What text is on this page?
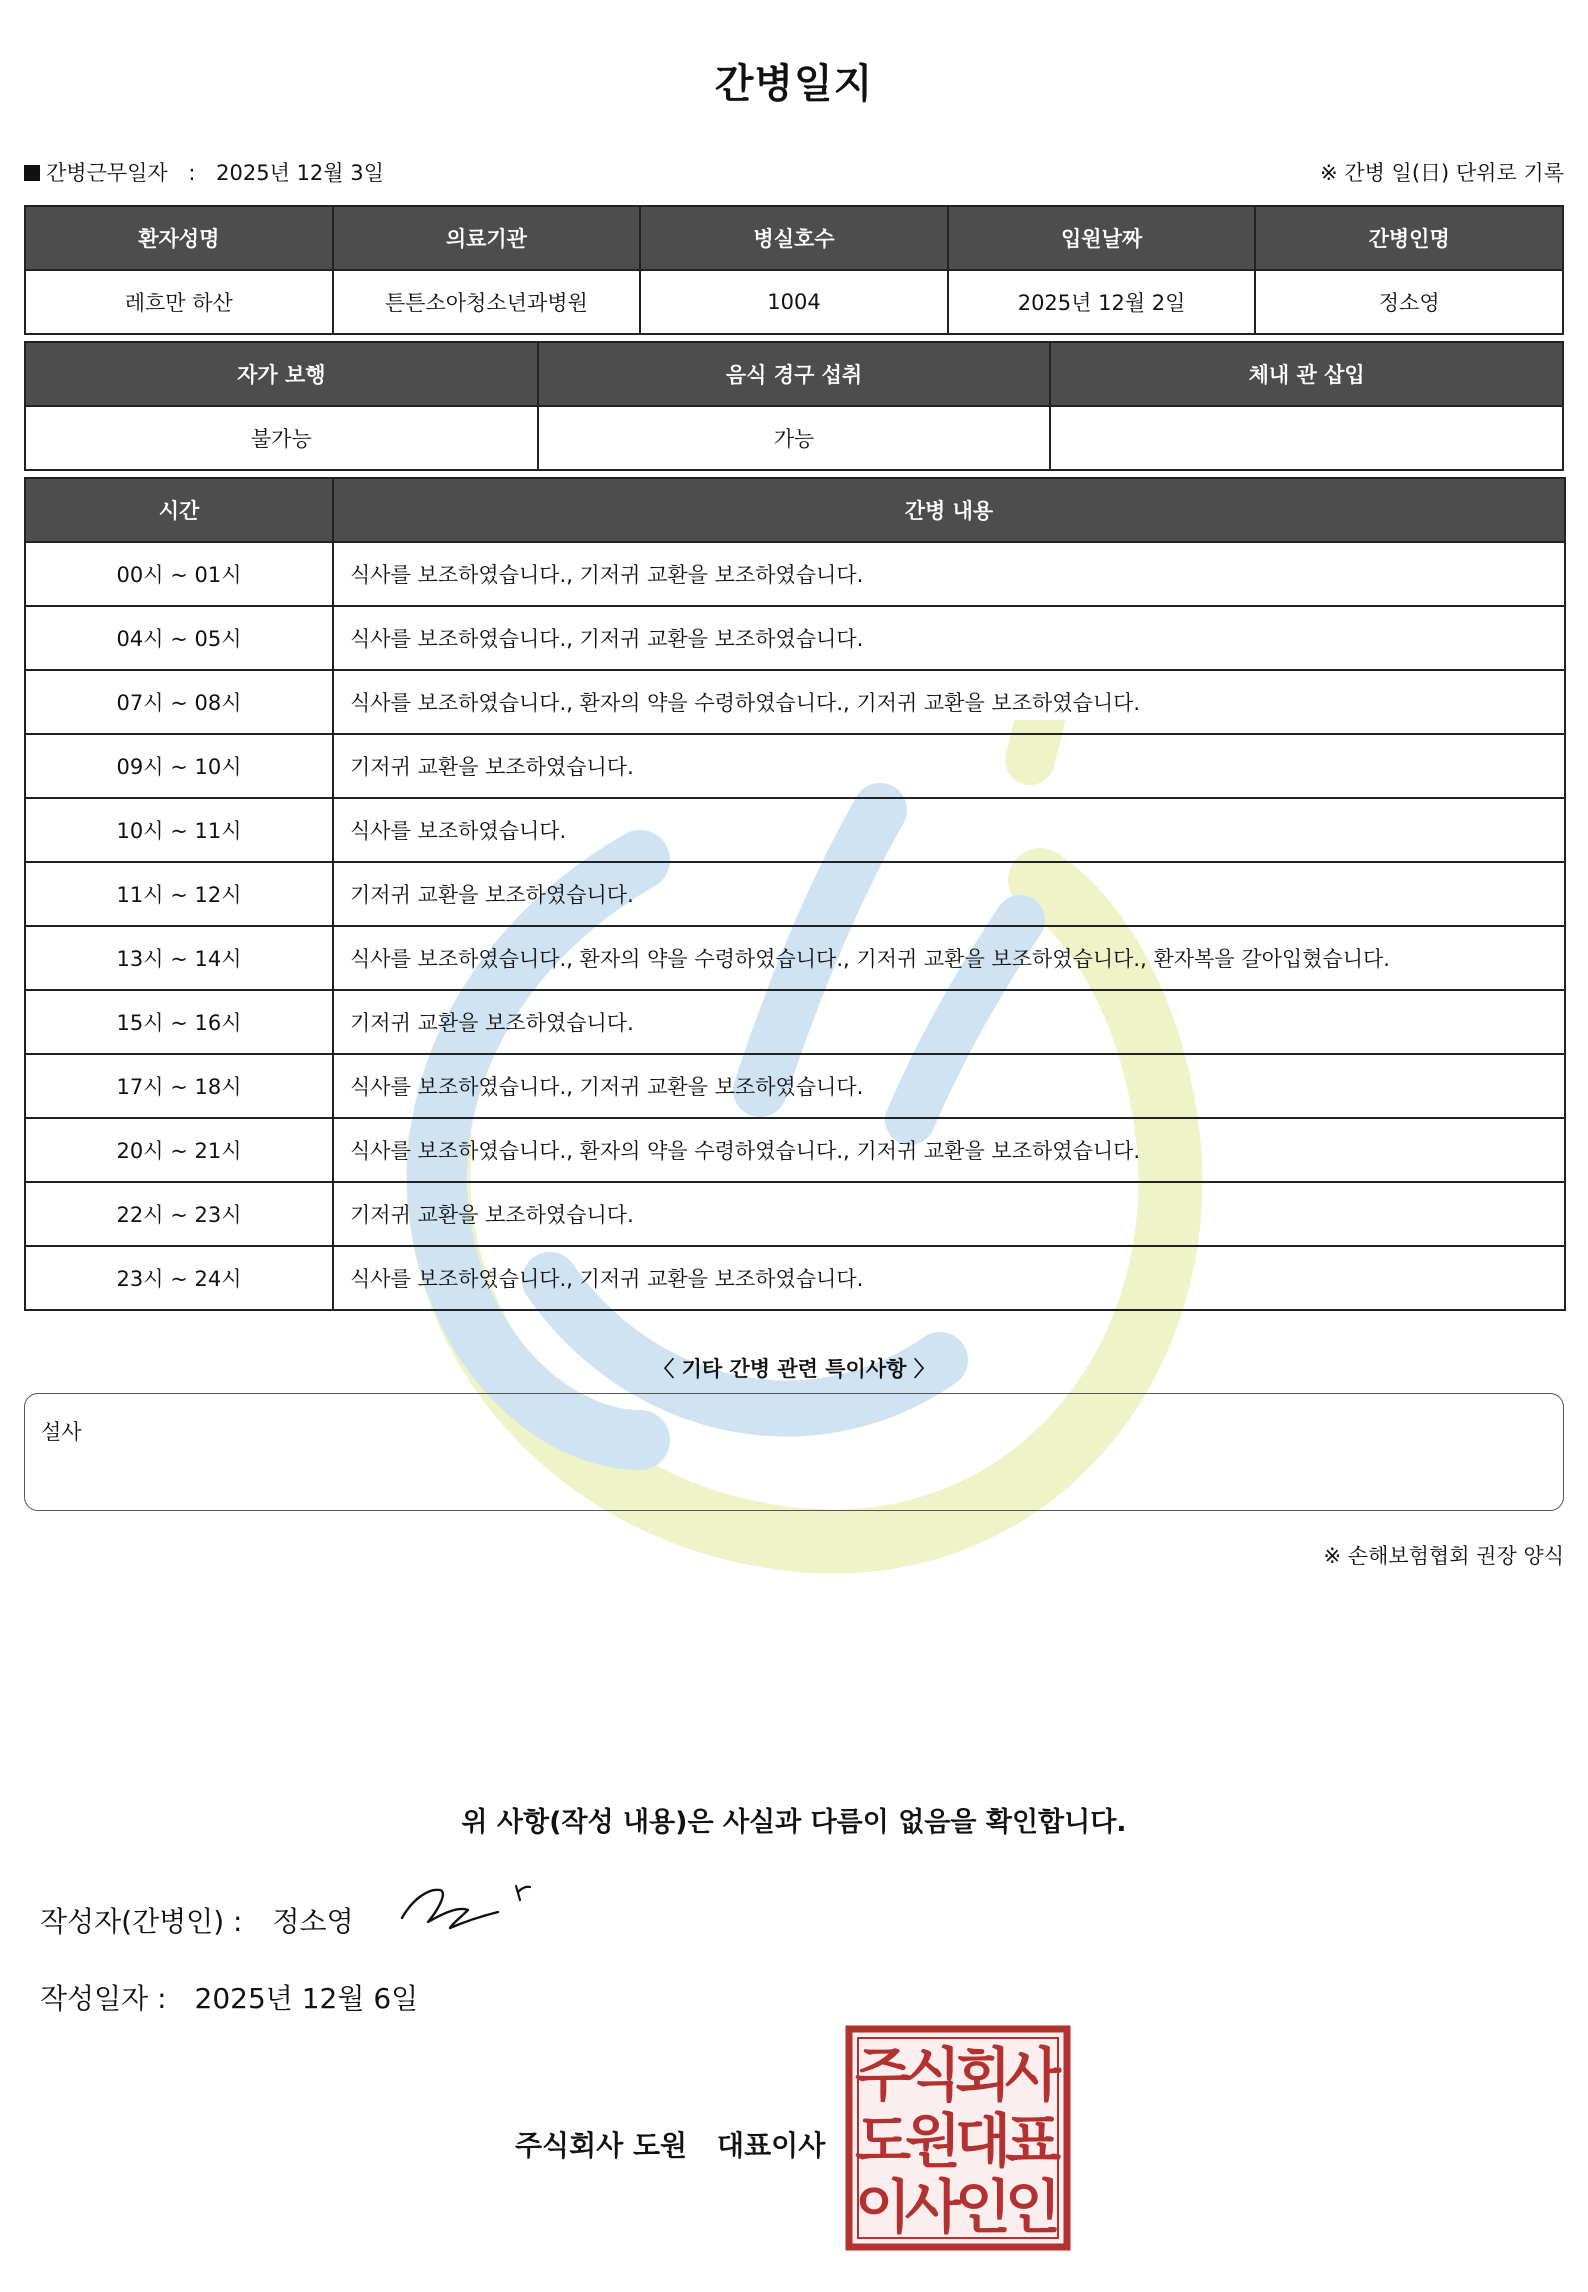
간병일지
간병근무일자 : 2025년 12월 3일	※ 간병 일(日) 단위로 기록
환자성명	의료기관	병실호수	입원날짜	간병인명
레흐만 하산	튼튼소아청소년과병원	1004	2025년 12월 2일	정소영
자가 보행	음식 경구 섭취	체내 관 삽입
불가능	가능	
시간	간병 내용
00시 ~ 01시	식사를 보조하였습니다., 기저귀 교환을 보조하였습니다.
04시 ~ 05시	식사를 보조하였습니다., 기저귀 교환을 보조하였습니다.
07시 ~ 08시	식사를 보조하였습니다., 환자의 약을 수령하였습니다., 기저귀 교환을 보조하였습니다.
09시 ~ 10시	기저귀 교환을 보조하였습니다.
10시 ~ 11시	식사를 보조하였습니다.
11시 ~ 12시	기저귀 교환을 보조하였습니다.
13시 ~ 14시	식사를 보조하였습니다., 환자의 약을 수령하였습니다., 기저귀 교환을 보조하였습니다., 환자복을 갈아입혔습니다.
15시 ~ 16시	기저귀 교환을 보조하였습니다.
17시 ~ 18시	식사를 보조하였습니다., 기저귀 교환을 보조하였습니다.
20시 ~ 21시	식사를 보조하였습니다., 환자의 약을 수령하였습니다., 기저귀 교환을 보조하였습니다.
22시 ~ 23시	기저귀 교환을 보조하였습니다.
23시 ~ 24시	식사를 보조하였습니다., 기저귀 교환을 보조하였습니다.
〈 기타 간병 관련 특이사항 〉
설사
※ 손해보험협회 권장 양식
위 사항(작성 내용)은 사실과 다름이 없음을 확인합니다.
작성자(간병인) : 정소영
작성일자 : 2025년 12월 6일
주식회사 도원 대표이사
주
식
회
사
도
원
대
표
이
사
인
인
